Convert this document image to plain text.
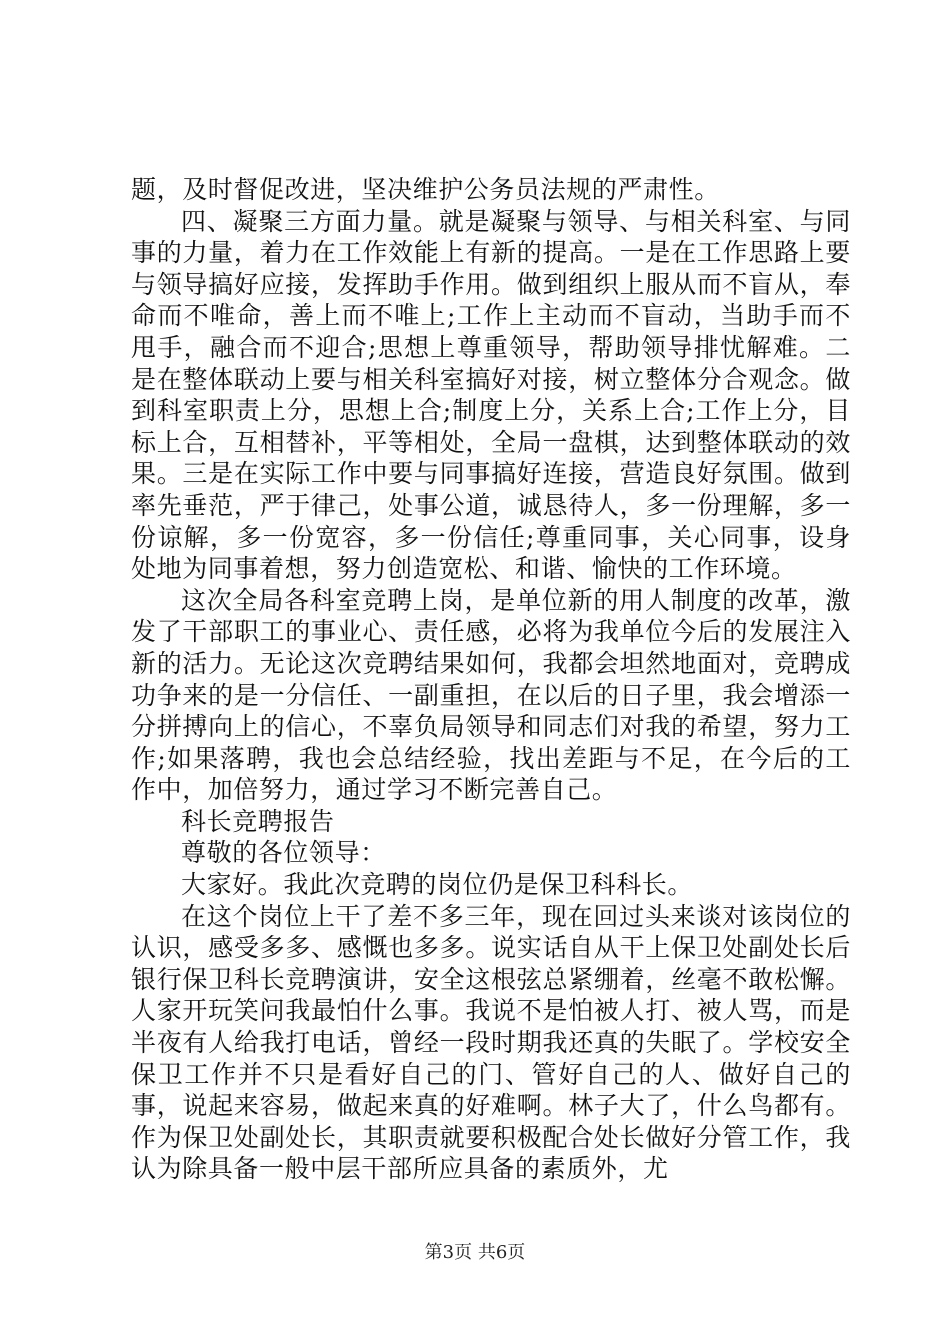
题，及时督促改进，坚决维护公务员法规的严肃性。

四、凝聚三方面力量。就是凝聚与领导、与相关科室、与同事的力量，着力在工作效能上有新的提高。一是在工作思路上要与领导搞好应接，发挥助手作用。做到组织上服从而不盲从，奉命而不唯命，善上而不唯上;工作上主动而不盲动，当助手而不甩手，融合而不迎合;思想上尊重领导，帮助领导排忧解难。二是在整体联动上要与相关科室搞好对接，树立整体分合观念。做到科室职责上分，思想上合;制度上分，关系上合;工作上分，目标上合，互相替补，平等相处，全局一盘棋，达到整体联动的效果。三是在实际工作中要与同事搞好连接，营造良好氛围。做到率先垂范，严于律己，处事公道，诚恳待人，多一份理解，多一份谅解，多一份宽容，多一份信任;尊重同事，关心同事，设身处地为同事着想，努力创造宽松、和谐、愉快的工作环境。

这次全局各科室竞聘上岗，是单位新的用人制度的改革，激发了干部职工的事业心、责任感，必将为我单位今后的发展注入新的活力。无论这次竞聘结果如何，我都会坦然地面对，竞聘成功争来的是一分信任、一副重担，在以后的日子里，我会增添一分拼搏向上的信心，不辜负局领导和同志们对我的希望，努力工作;如果落聘，我也会总结经验，找出差距与不足，在今后的工作中，加倍努力，通过学习不断完善自己。

科长竞聘报告

尊敬的各位领导：

大家好。我此次竞聘的岗位仍是保卫科科长。

在这个岗位上干了差不多三年，现在回过头来谈对该岗位的认识，感受多多、感慨也多多。说实话自从干上保卫处副处长后银行保卫科长竞聘演讲，安全这根弦总紧绷着，丝毫不敢松懈。人家开玩笑问我最怕什么事。我说不是怕被人打、被人骂，而是半夜有人给我打电话，曾经一段时期我还真的失眠了。学校安全保卫工作并不只是看好自己的门、管好自己的人、做好自己的事，说起来容易，做起来真的好难啊。林子大了，什么鸟都有。作为保卫处副处长，其职责就要积极配合处长做好分管工作，我认为除具备一般中层干部所应具备的素质外，尤

第3页 共6页
